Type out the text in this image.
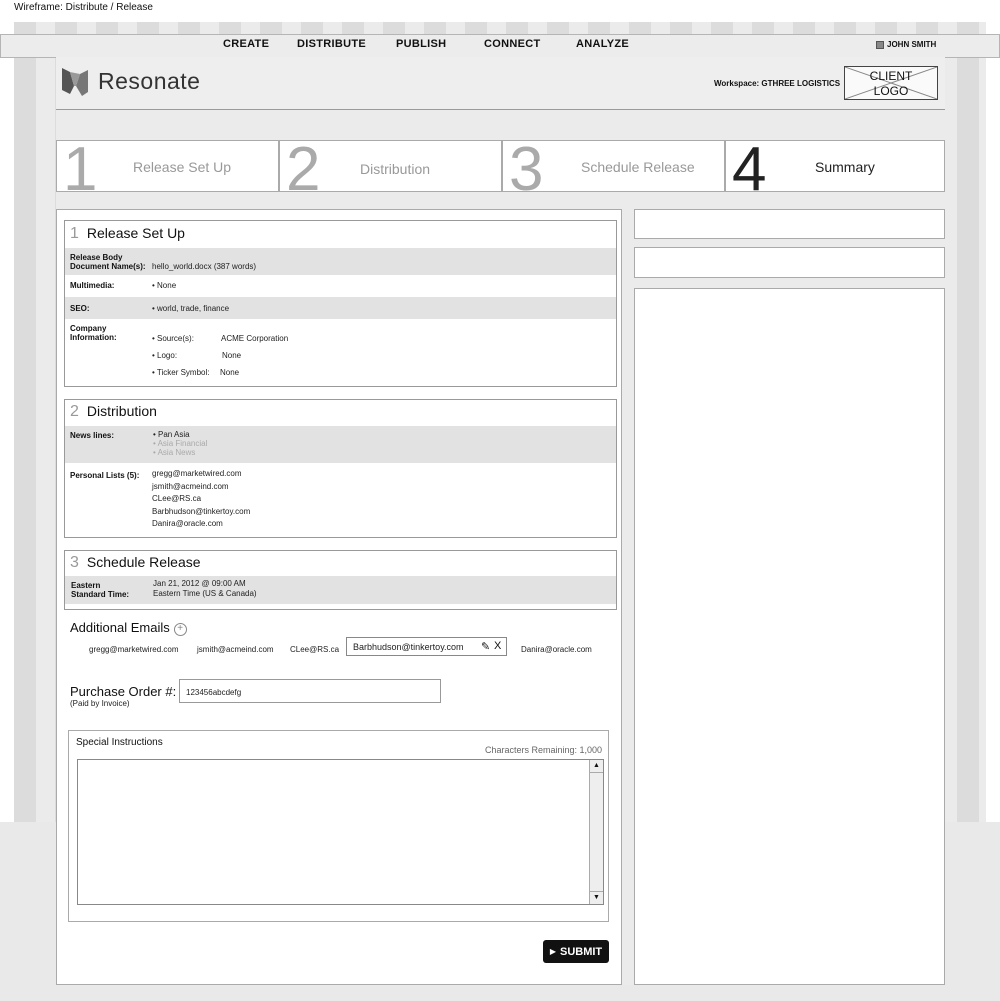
Wireframe: Distribute / Release
CREATE	DISTRIBUTE	PUBLISH	CONNECT	ANALYZE	JOHN SMITH
Resonate	Workspace: GTHREE LOGISTICS
CLIENT
LOGO
1	Release Set Up 2	Distribution 3	Schedule Release 4	Summary
1 Release Set Up
Release Body
Document Name(s): hello_world.docx (387 words)
Multimedia:	• None
SEO:	• world, trade, finance
Company
Information:	• Source(s):	ACME Corporation
• Logo:	None
• Ticker Symbol: None
2 Distribution
News lines:	• Pan Asia
• Asia Financial
• Asia News
Personal Lists (5): gregg@marketwired.com
jsmith@acmeind.com
CLee@RS.ca
Barbhudson@tinkertoy.com
Danira@oracle.com
3 Schedule Release
Eastern
Standard Time:
Jan 21, 2012 @ 09:00 AM
Eastern Time (US & Canada)
Additional Emails +
gregg@marketwired.com jsmith@acmeind.com CLee@RS.ca Barbhudson@tinkertoy.com ✎ X Danira@oracle.com
Purchase Order #:
(Paid by Invoice)
123456abcdefg
Special Instructions
Characters Remaining: 1,000
▲
▼
▶ SUBMIT
